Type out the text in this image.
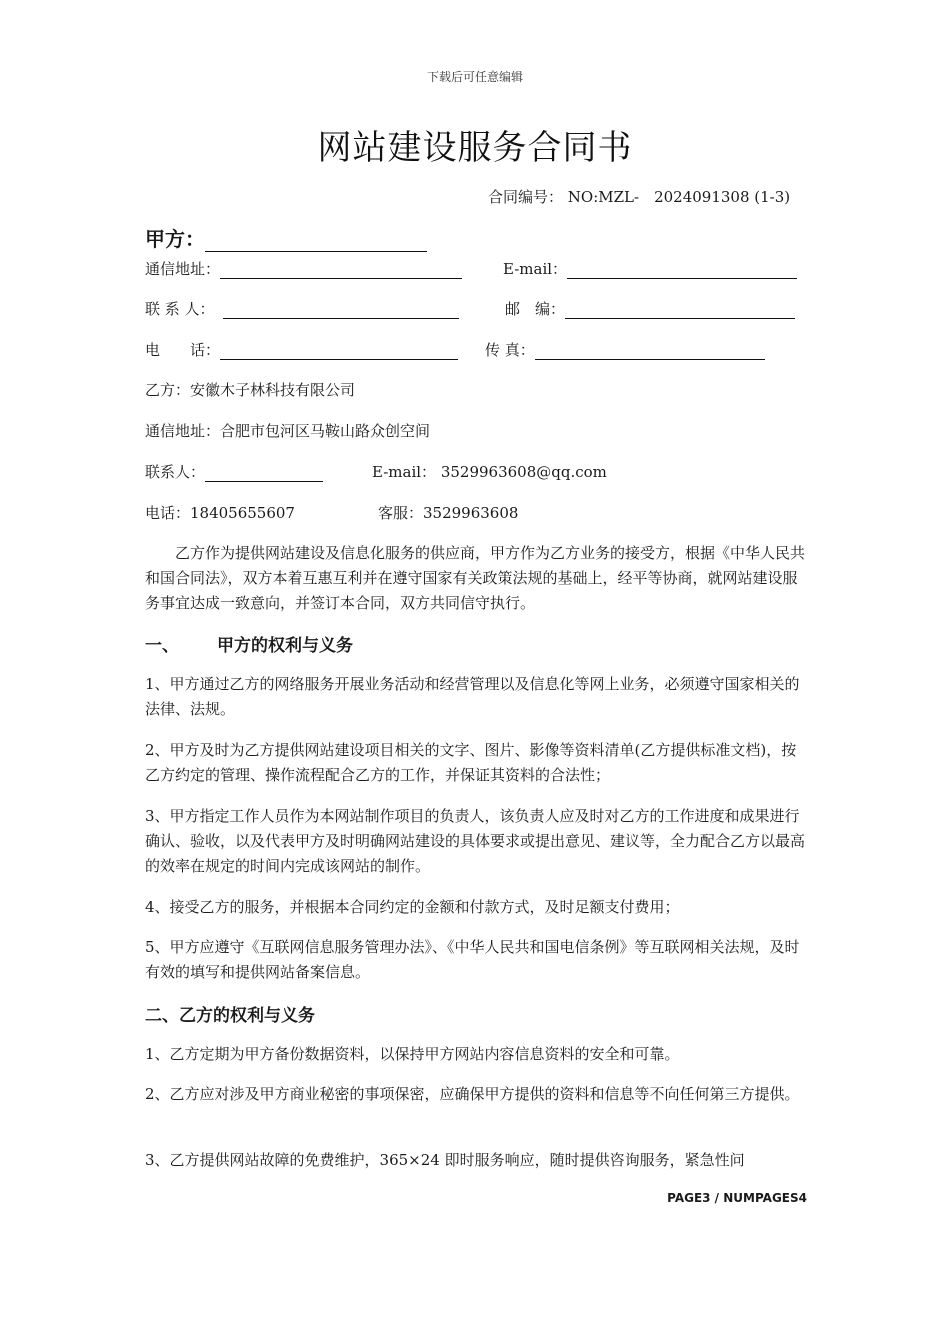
下载后可任意编辑
网站建设服务合同书
合同编号： NO:MZL-　2024091308 (1-3)
甲方：
通信地址：	E-mail：
联 系 人：	邮　编：
电　　话：	传 真：
乙方：安徽木子林科技有限公司
通信地址：合肥市包河区马鞍山路众创空间
联系人：	E-mail： 3529963608@qq.com
电话：18405655607	客服：3529963608
乙方作为提供网站建设及信息化服务的供应商，甲方作为乙方业务的接受方，根据《中华人民共和国合同法》，双方本着互惠互利并在遵守国家有关政策法规的基础上，经平等协商，就网站建设服务事宜达成一致意向，并签订本合同，双方共同信守执行。
一、 甲方的权利与义务
1、甲方通过乙方的网络服务开展业务活动和经营管理以及信息化等网上业务，必须遵守国家相关的法律、法规。
2、甲方及时为乙方提供网站建设项目相关的文字、图片、影像等资料清单(乙方提供标准文档)，按乙方约定的管理、操作流程配合乙方的工作，并保证其资料的合法性；
3、甲方指定工作人员作为本网站制作项目的负责人，该负责人应及时对乙方的工作进度和成果进行确认、验收，以及代表甲方及时明确网站建设的具体要求或提出意见、建议等，全力配合乙方以最高的效率在规定的时间内完成该网站的制作。
4、接受乙方的服务，并根据本合同约定的金额和付款方式，及时足额支付费用；
5、甲方应遵守《互联网信息服务管理办法》、《中华人民共和国电信条例》等互联网相关法规，及时有效的填写和提供网站备案信息。
二、乙方的权利与义务
1、乙方定期为甲方备份数据资料，以保持甲方网站内容信息资料的安全和可靠。
2、乙方应对涉及甲方商业秘密的事项保密，应确保甲方提供的资料和信息等不向任何第三方提供。
3、乙方提供网站故障的免费维护，365×24 即时服务响应，随时提供咨询服务，紧急性问
PAGE3 / NUMPAGES4
